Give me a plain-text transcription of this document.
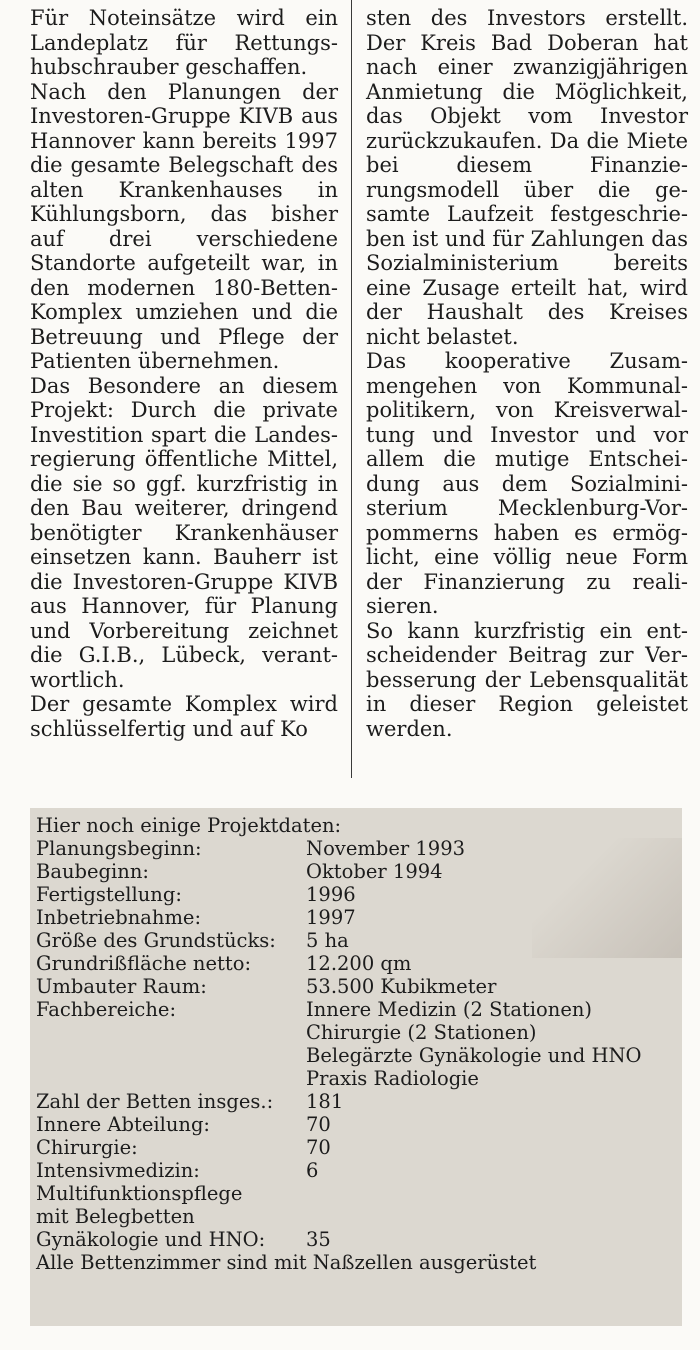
Für Noteinsätze wird ein Landeplatz für Rettungshubschrauber geschaffen.

Nach den Planungen der Investoren-Gruppe KIVB aus Hannover kann bereits 1997 die gesamte Belegschaft des alten Krankenhauses in Kühlungsborn, das bisher auf drei verschiedene Standorte aufgeteilt war, in den modernen 180-Betten-Komplex umziehen und die Betreuung und Pflege der Patienten übernehmen.

Das Besondere an diesem Projekt: Durch die private Investition spart die Landesregierung öffentliche Mittel, die sie so ggf. kurzfristig in den Bau weiterer, dringend benötigter Krankenhäuser einsetzen kann. Bauherr ist die Investoren-Gruppe KIVB aus Hannover, für Planung und Vorbereitung zeichnet die G.I.B., Lübeck, verantwortlich.

Der gesamte Komplex wird schlüsselfertig und auf Ko

sten des Investors erstellt. Der Kreis Bad Doberan hat nach einer zwanzigjährigen Anmietung die Möglichkeit, das Objekt vom Investor zurückzukaufen. Da die Miete bei diesem Finanzierungsmodell über die gesamte Laufzeit festgeschrieben ist und für Zahlungen das Sozialministerium bereits eine Zusage erteilt hat, wird der Haushalt des Kreises nicht belastet.

Das kooperative Zusammengehen von Kommunalpolitikern, von Kreisverwaltung und Investor und vor allem die mutige Entscheidung aus dem Sozialministerium Mecklenburg-Vorpommerns haben es ermöglicht, eine völlig neue Form der Finanzierung zu realisieren.

So kann kurzfristig ein entscheidender Beitrag zur Verbesserung der Lebensqualität in dieser Region geleistet werden.

Hier noch einige Projektdaten:

Planungsbeginn:	November 1993
Baubeginn:	Oktober 1994
Fertigstellung:	1996
Inbetriebnahme:	1997
Größe des Grundstücks:	5 ha
Grundrißfläche netto:	12.200 qm
Umbauter Raum:	53.500 Kubikmeter
Fachbereiche:	Innere Medizin (2 Stationen)
	Chirurgie (2 Stationen)
	Belegärzte Gynäkologie und HNO
	Praxis Radiologie
Zahl der Betten insges.:	181
Innere Abteilung:	70
Chirurgie:	70
Intensivmedizin:	6
Multifunktionspflege	
mit Belegbetten	
Gynäkologie und HNO:	35

Alle Bettenzimmer sind mit Naßzellen ausgerüstet
